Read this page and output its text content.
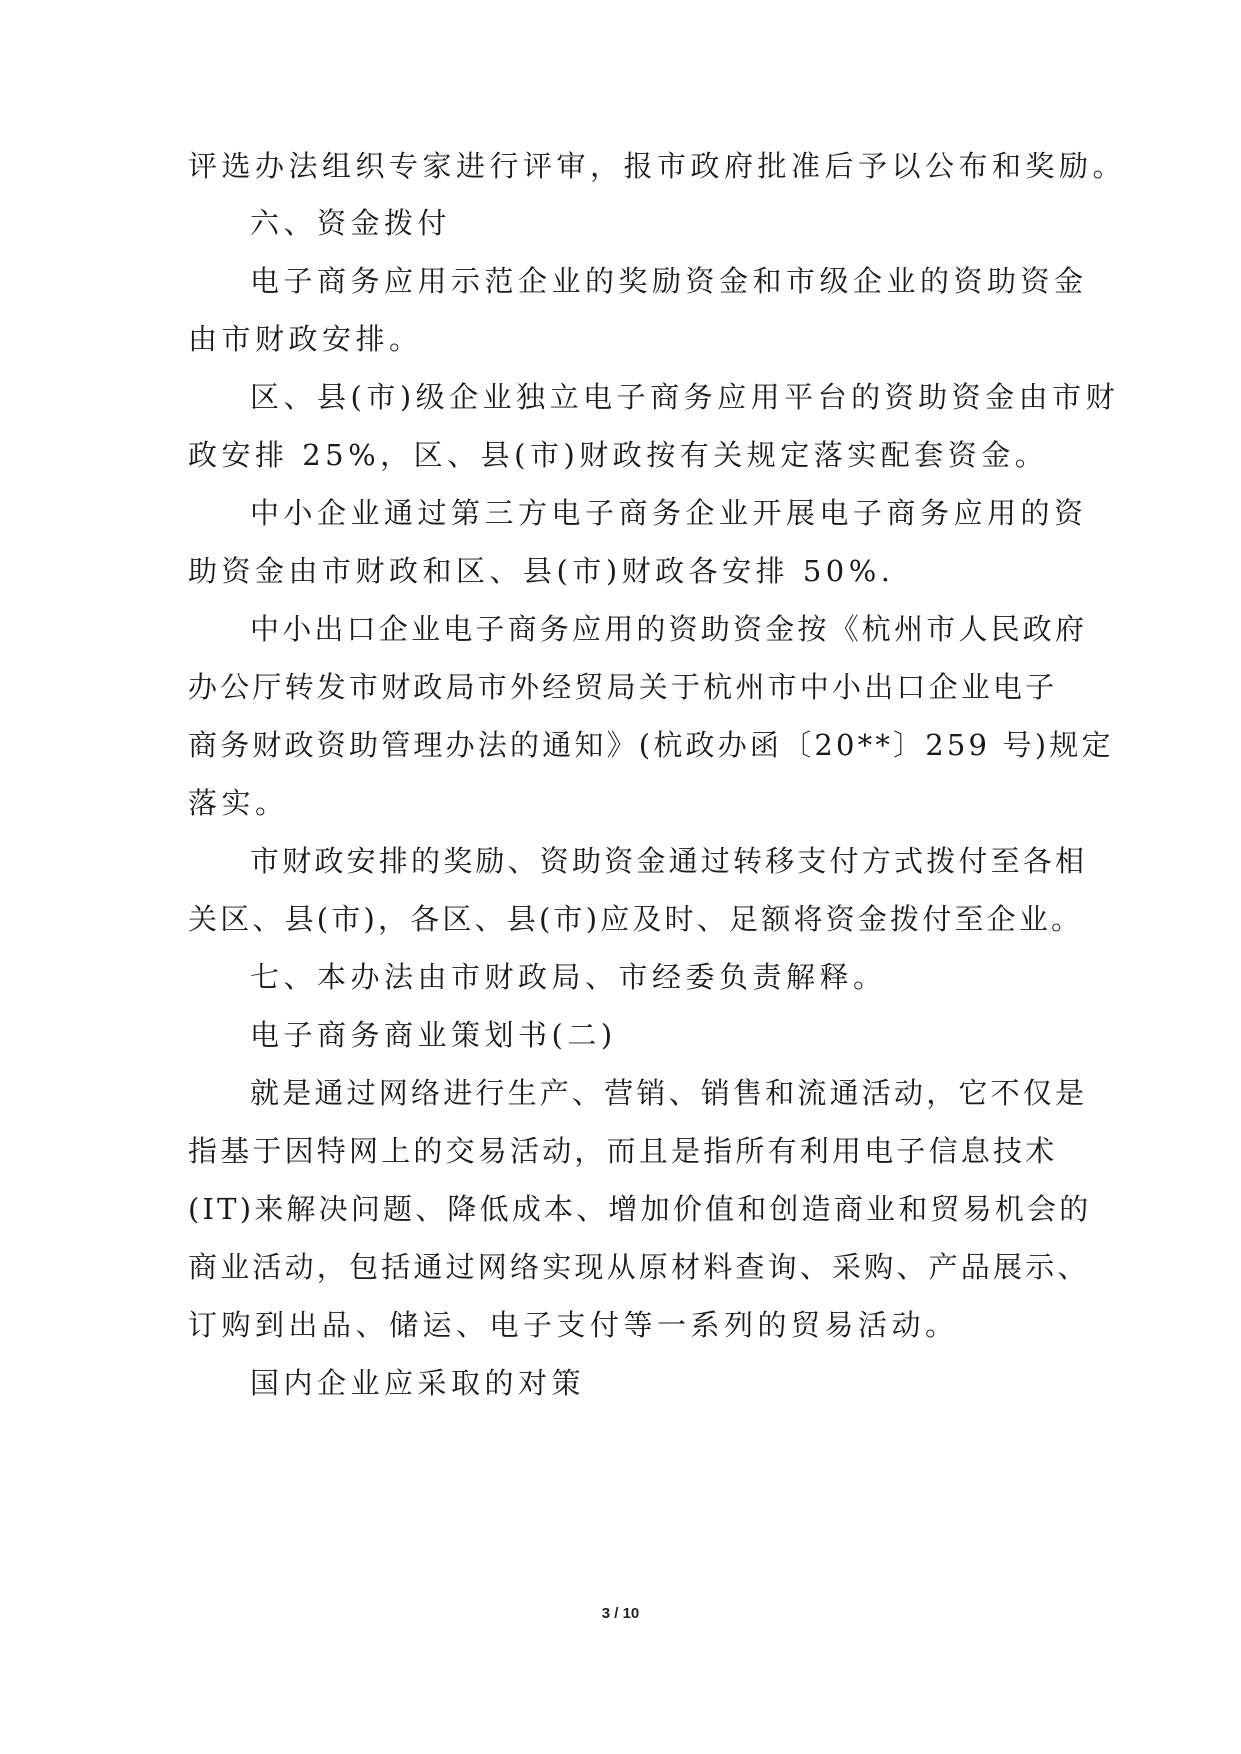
评选办法组织专家进行评审，报市政府批准后予以公布和奖励。

六、资金拨付

电子商务应用示范企业的奖励资金和市级企业的资助资金

由市财政安排。

区、县(市)级企业独立电子商务应用平台的资助资金由市财

政安排 25%，区、县(市)财政按有关规定落实配套资金。

中小企业通过第三方电子商务企业开展电子商务应用的资

助资金由市财政和区、县(市)财政各安排 50%.

中小出口企业电子商务应用的资助资金按《杭州市人民政府

办公厅转发市财政局市外经贸局关于杭州市中小出口企业电子

商务财政资助管理办法的通知》(杭政办函〔20**〕259 号)规定

落实。

市财政安排的奖励、资助资金通过转移支付方式拨付至各相

关区、县(市)，各区、县(市)应及时、足额将资金拨付至企业。

七、本办法由市财政局、市经委负责解释。

电子商务商业策划书(二)

就是通过网络进行生产、营销、销售和流通活动，它不仅是

指基于因特网上的交易活动，而且是指所有利用电子信息技术

(IT)来解决问题、降低成本、增加价值和创造商业和贸易机会的

商业活动，包括通过网络实现从原材料查询、采购、产品展示、

订购到出品、储运、电子支付等一系列的贸易活动。

国内企业应采取的对策

3 / 10
